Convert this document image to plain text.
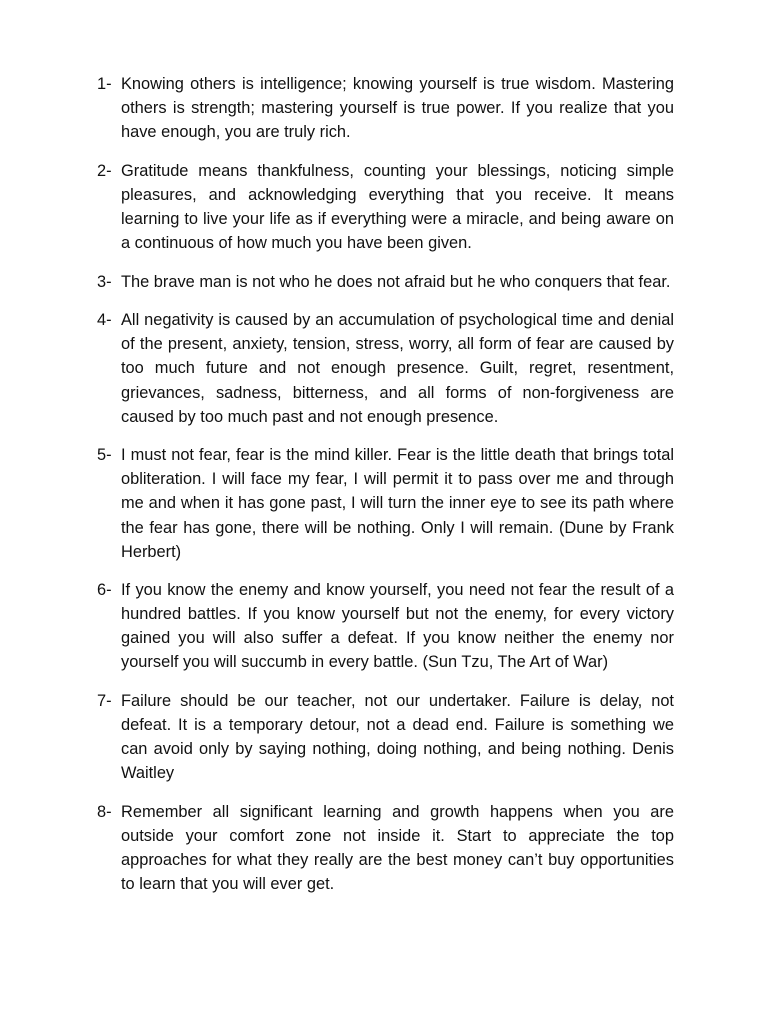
1- Knowing others is intelligence; knowing yourself is true wisdom. Mastering others is strength; mastering yourself is true power. If you realize that you have enough, you are truly rich.
2- Gratitude means thankfulness, counting your blessings, noticing simple pleasures, and acknowledging everything that you receive. It means learning to live your life as if everything were a miracle, and being aware on a continuous of how much you have been given.
3- The brave man is not who he does not afraid but he who conquers that fear.
4- All negativity is caused by an accumulation of psychological time and denial of the present, anxiety, tension, stress, worry, all form of fear are caused by too much future and not enough presence. Guilt, regret, resentment, grievances, sadness, bitterness, and all forms of non-forgiveness are caused by too much past and not enough presence.
5- I must not fear, fear is the mind killer. Fear is the little death that brings total obliteration. I will face my fear, I will permit it to pass over me and through me and when it has gone past, I will turn the inner eye to see its path where the fear has gone, there will be nothing. Only I will remain. (Dune by Frank Herbert)
6- If you know the enemy and know yourself, you need not fear the result of a hundred battles. If you know yourself but not the enemy, for every victory gained you will also suffer a defeat. If you know neither the enemy nor yourself you will succumb in every battle. (Sun Tzu, The Art of War)
7- Failure should be our teacher, not our undertaker. Failure is delay, not defeat. It is a temporary detour, not a dead end. Failure is something we can avoid only by saying nothing, doing nothing, and being nothing. Denis Waitley
8- Remember all significant learning and growth happens when you are outside your comfort zone not inside it. Start to appreciate the top approaches for what they really are the best money can’t buy opportunities to learn that you will ever get.
